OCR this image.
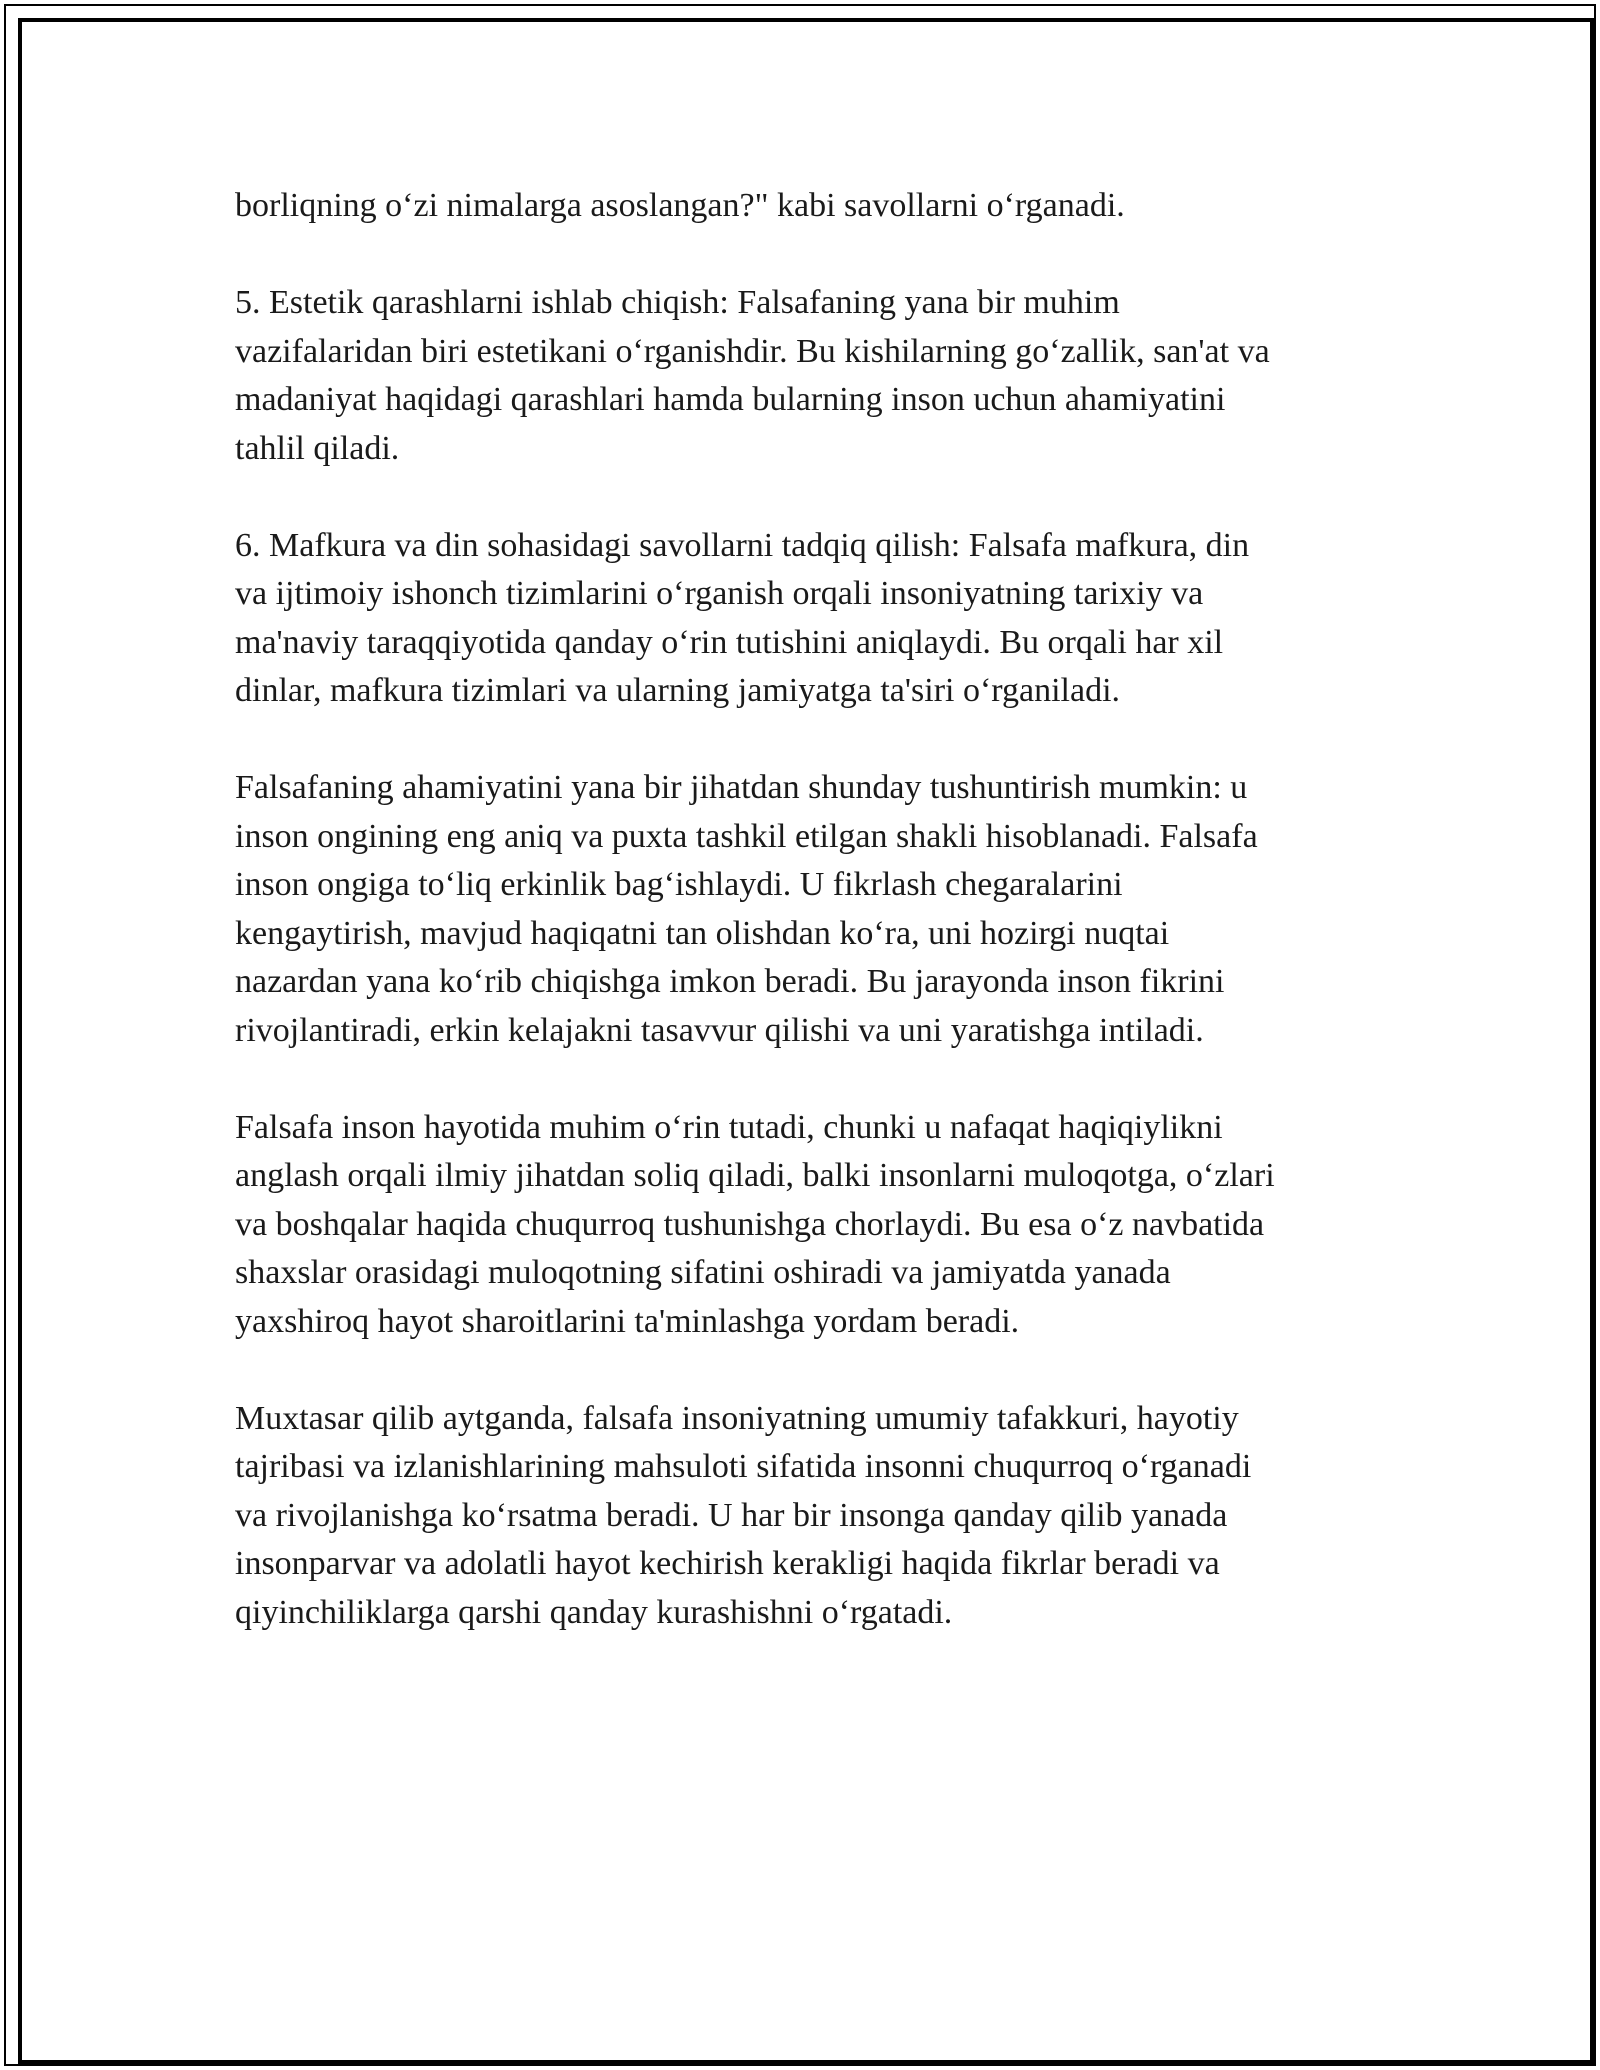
borliqning o‘zi nimalarga asoslangan?" kabi savollarni o‘rganadi.

5. Estetik qarashlarni ishlab chiqish: Falsafaning yana bir muhim
vazifalaridan biri estetikani o‘rganishdir. Bu kishilarning go‘zallik, san'at va
madaniyat haqidagi qarashlari hamda bularning inson uchun ahamiyatini
tahlil qiladi.

6. Mafkura va din sohasidagi savollarni tadqiq qilish: Falsafa mafkura, din
va ijtimoiy ishonch tizimlarini o‘rganish orqali insoniyatning tarixiy va
ma'naviy taraqqiyotida qanday o‘rin tutishini aniqlaydi. Bu orqali har xil
dinlar, mafkura tizimlari va ularning jamiyatga ta'siri o‘rganiladi.

Falsafaning ahamiyatini yana bir jihatdan shunday tushuntirish mumkin: u
inson ongining eng aniq va puxta tashkil etilgan shakli hisoblanadi. Falsafa
inson ongiga to‘liq erkinlik bag‘ishlaydi. U fikrlash chegaralarini
kengaytirish, mavjud haqiqatni tan olishdan ko‘ra, uni hozirgi nuqtai
nazardan yana ko‘rib chiqishga imkon beradi. Bu jarayonda inson fikrini
rivojlantiradi, erkin kelajakni tasavvur qilishi va uni yaratishga intiladi.

Falsafa inson hayotida muhim o‘rin tutadi, chunki u nafaqat haqiqiylikni
anglash orqali ilmiy jihatdan soliq qiladi, balki insonlarni muloqotga, o‘zlari
va boshqalar haqida chuqurroq tushunishga chorlaydi. Bu esa o‘z navbatida
shaxslar orasidagi muloqotning sifatini oshiradi va jamiyatda yanada
yaxshiroq hayot sharoitlarini ta'minlashga yordam beradi.

Muxtasar qilib aytganda, falsafa insoniyatning umumiy tafakkuri, hayotiy
tajribasi va izlanishlarining mahsuloti sifatida insonni chuqurroq o‘rganadi
va rivojlanishga ko‘rsatma beradi. U har bir insonga qanday qilib yanada
insonparvar va adolatli hayot kechirish kerakligi haqida fikrlar beradi va
qiyinchiliklarga qarshi qanday kurashishni o‘rgatadi.
